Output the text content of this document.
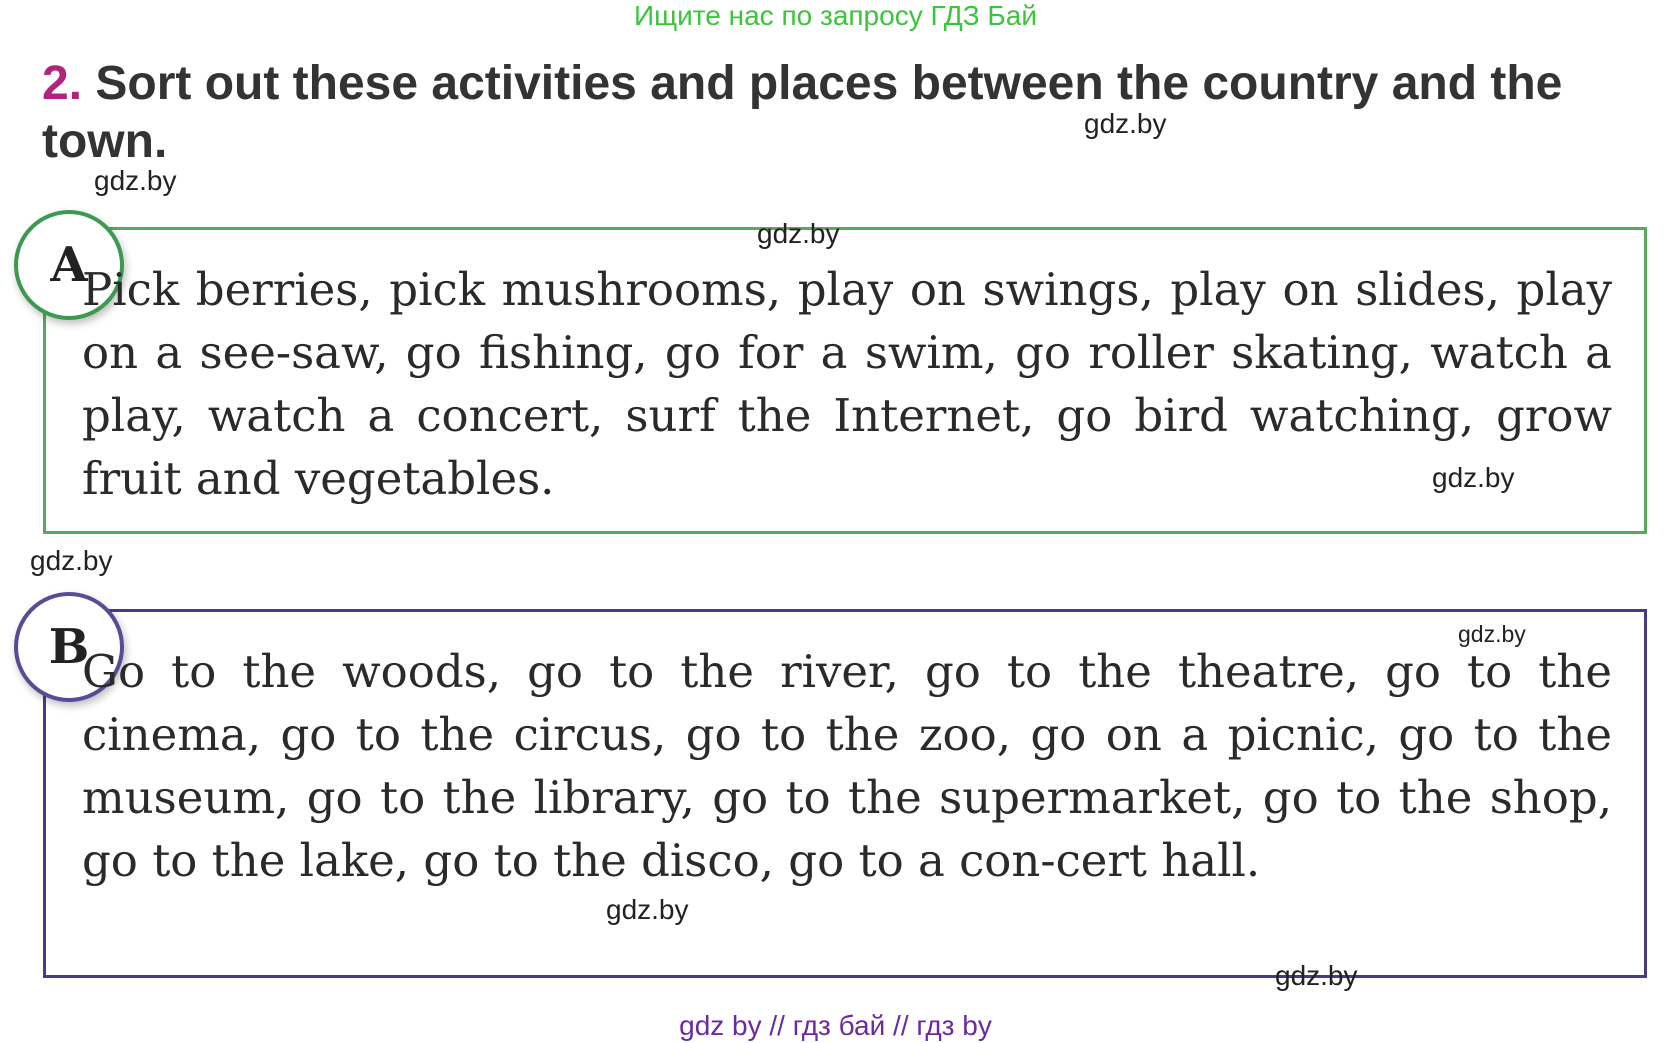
Ищите нас по запросу ГДЗ Бай
2. Sort out these activities and places between the country and the town.	gdz.by
gdz.by
A
Pick berries, pick mushrooms, play on swings, play on slides, play on a see-saw, go fishing, go for a swim, go roller skating, watch a play, watch a concert, surf the Internet, go bird watching, grow fruit and vegetables.
gdz.by
gdz.by
gdz.by
B
Go to the woods, go to the river, go to the theatre, go to the cinema, go to the circus, go to the zoo, go on a picnic, go to the museum, go to the library, go to the supermarket, go to the shop, go to the lake, go to the disco, go to a con-cert hall.
gdz.by
gdz.by
gdz.by
gdz by // гдз бай // гдз by
